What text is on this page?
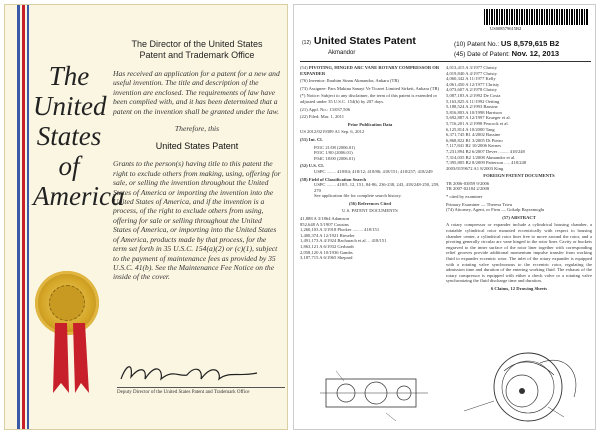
The
United
States
of
America
The Director of the United States
Patent and Trademark Office
Has received an application for a patent for a new and useful invention. The title and description of the invention are enclosed. The requirements of law have been complied with, and it has been determined that a patent on the invention shall be granted under the law.
Therefore, this
United States Patent
Grants to the person(s) having title to this patent the right to exclude others from making, using, offering for sale, or selling the invention throughout the United States of America or importing the invention into the United States of America, and if the invention is a process, of the right to exclude others from using, offering for sale or selling throughout the United States of America, or importing into the United States of America, products made by that process, for the term set forth in 35 U.S.C. 154(a)(2) or (c)(1), subject to the payment of maintenance fees as provided by 35 U.S.C. 41(b). See the Maintenance Fee Notice on the inside of the cover.
Deputy Director of the United States Patent and Trademark Office
US008579615B2
(12) United States Patent
Akmandor
(10) Patent No.: US 8,579,615 B2
(45) Date of Patent: Nov. 12, 2013

(54) PIVOTING, HINGED ARC VANE ROTARY COMPRESSOR OR EXPANDER

(76) Inventor: Ibrahim Sinan Akmandor, Ankara (TR)

(73) Assignee: Pars Makina Sanayi Ve Ticaret Limited Sirketi, Ankara (TR)

(*) Notice: Subject to any disclaimer, the term of this patent is extended or adjusted under 35 U.S.C. 154(b) by 207 days.

(21) Appl. No.: 13/037,506

(22) Filed: Mar. 1, 2011

Prior Publication Data

US 2012/0219389 A1 Sep. 6, 2012

(51) Int. Cl.

F01C 21/08 (2006.01)

F01C 1/00 (2006.01)

F04C 18/00 (2006.01)

(52) U.S. Cl.

USPC ........ 418/84; 418/12; 418/86; 418/151; 418/257; 418/249

(58) Field of Classification Search

USPC ........ 418/5, 12, 151, 84-86, 236-238, 243, 418/248-250, 259, 270

See application file for complete search history.

(56) References Cited
U.S. PATENT DOCUMENTS
41,888 A 3/1864 Adamson
852,648 A 5/1907 Cousins
1,260,103 A 3/1918 Plucker ......... 418/151
1,400,374 A 12/1921 Rieseler
1,491,173 A 4/1924 Bacharach et al. .. 418/151
1,863,121 A 6/1932 Gerhardt
2,058,120 A 10/1936 Gambs
3,187,715 A 6/1965 Shepard
4,013,415 A 3/1977 Christy
4,019,840 A 4/1977 Christy
4,060,342 A 11/1977 Kelly
4,061,450 A 12/1977 Christy
4,073,607 A 2/1978 Christy
5,087,183 A 2/1992 De Costa
5,163,825 A 11/1992 Oetting
5,188,524 A 2/1993 Bassine
5,816,803 A 10/1998 Harrison
5,692,887 A 12/1997 Krueger et al.
5,716,201 A 2/1998 Peacock et al.
6,125,814 A 10/2000 Tang
6,371,745 B1 4/2002 Bassine
6,868,822 B1 3/2005 Di Pietro
7,117,841 B2 10/2006 Kernes
7,231,894 B2 6/2007 Dever ......... 418/248
7,314,035 B2 1/2008 Akmandor et al.
7,395,805 B2 8/2009 Patterson ..... 418/248
2003/0159672 A1 8/2003 King
FOREIGN PATENT DOCUMENTS
TR 2006-03859 9/2006
TR 2007-02184 2/2008

* cited by examiner

Primary Examiner — Theresa Trieu

(74) Attorney, Agent, or Firm — Gokalp Bayramoglu

(57) ABSTRACT

A rotary compressor or expander include a cylindrical housing chamber, a rotatable cylindrical rotor mounted eccentrically with respect to housing chamber center, a cylindrical rotor liner free to move around the rotor, and a pivoting generally circular arc vane hinged to the rotor liner. Cavity or buckets engraved to the inner surface of the rotor liner together with corresponding relief grooves provide additional momentum impulse transfer from working fluid to expander eccentric rotor. The inlet of the rotary expander is equipped with a rotating valve synchronous to the eccentric rotor, regulating the admission time and duration of the entering working fluid. The exhaust of the rotary compressor is equipped with either a check valve or a rotating valve synchronizing the fluid discharge time and duration.

6 Claims, 12 Drawing Sheets
